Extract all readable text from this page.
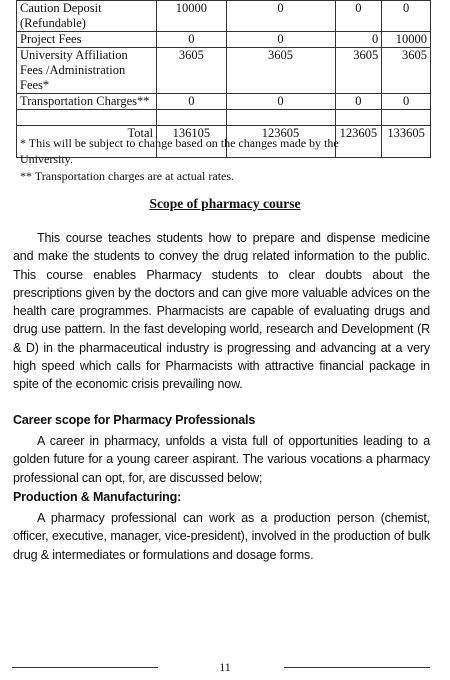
Caution Deposit (Refundable)	10000	0	0	0
Project Fees	0	0	0	10000
University Affiliation Fees /Administration Fees*	3605	3605	3605	3605
Transportation Charges**	0	0	0	0

Total	136105	123605	123605	133605

* This will be subject to change based on the changes made by the University.

** Transportation charges are at actual rates.

Scope of pharmacy course

This course teaches students how to prepare and dispense medicine and make the students to convey the drug related information to the public. This course enables Pharmacy students to clear doubts about the prescriptions given by the doctors and can give more valuable advices on the health care programmes. Pharmacists are capable of evaluating drugs and drug use pattern. In the fast developing world, research and Development (R & D) in the pharmaceutical industry is progressing and advancing at a very high speed which calls for Pharmacists with attractive financial package in spite of the economic crisis prevailing now.

Career scope for Pharmacy Professionals

A career in pharmacy, unfolds a vista full of opportunities leading to a golden future for a young career aspirant. The various vocations a pharmacy professional can opt, for, are discussed below;

Production & Manufacturing:

A pharmacy professional can work as a production person (chemist, officer, executive, manager, vice-president), involved in the production of bulk drug & intermediates or formulations and dosage forms.

11
